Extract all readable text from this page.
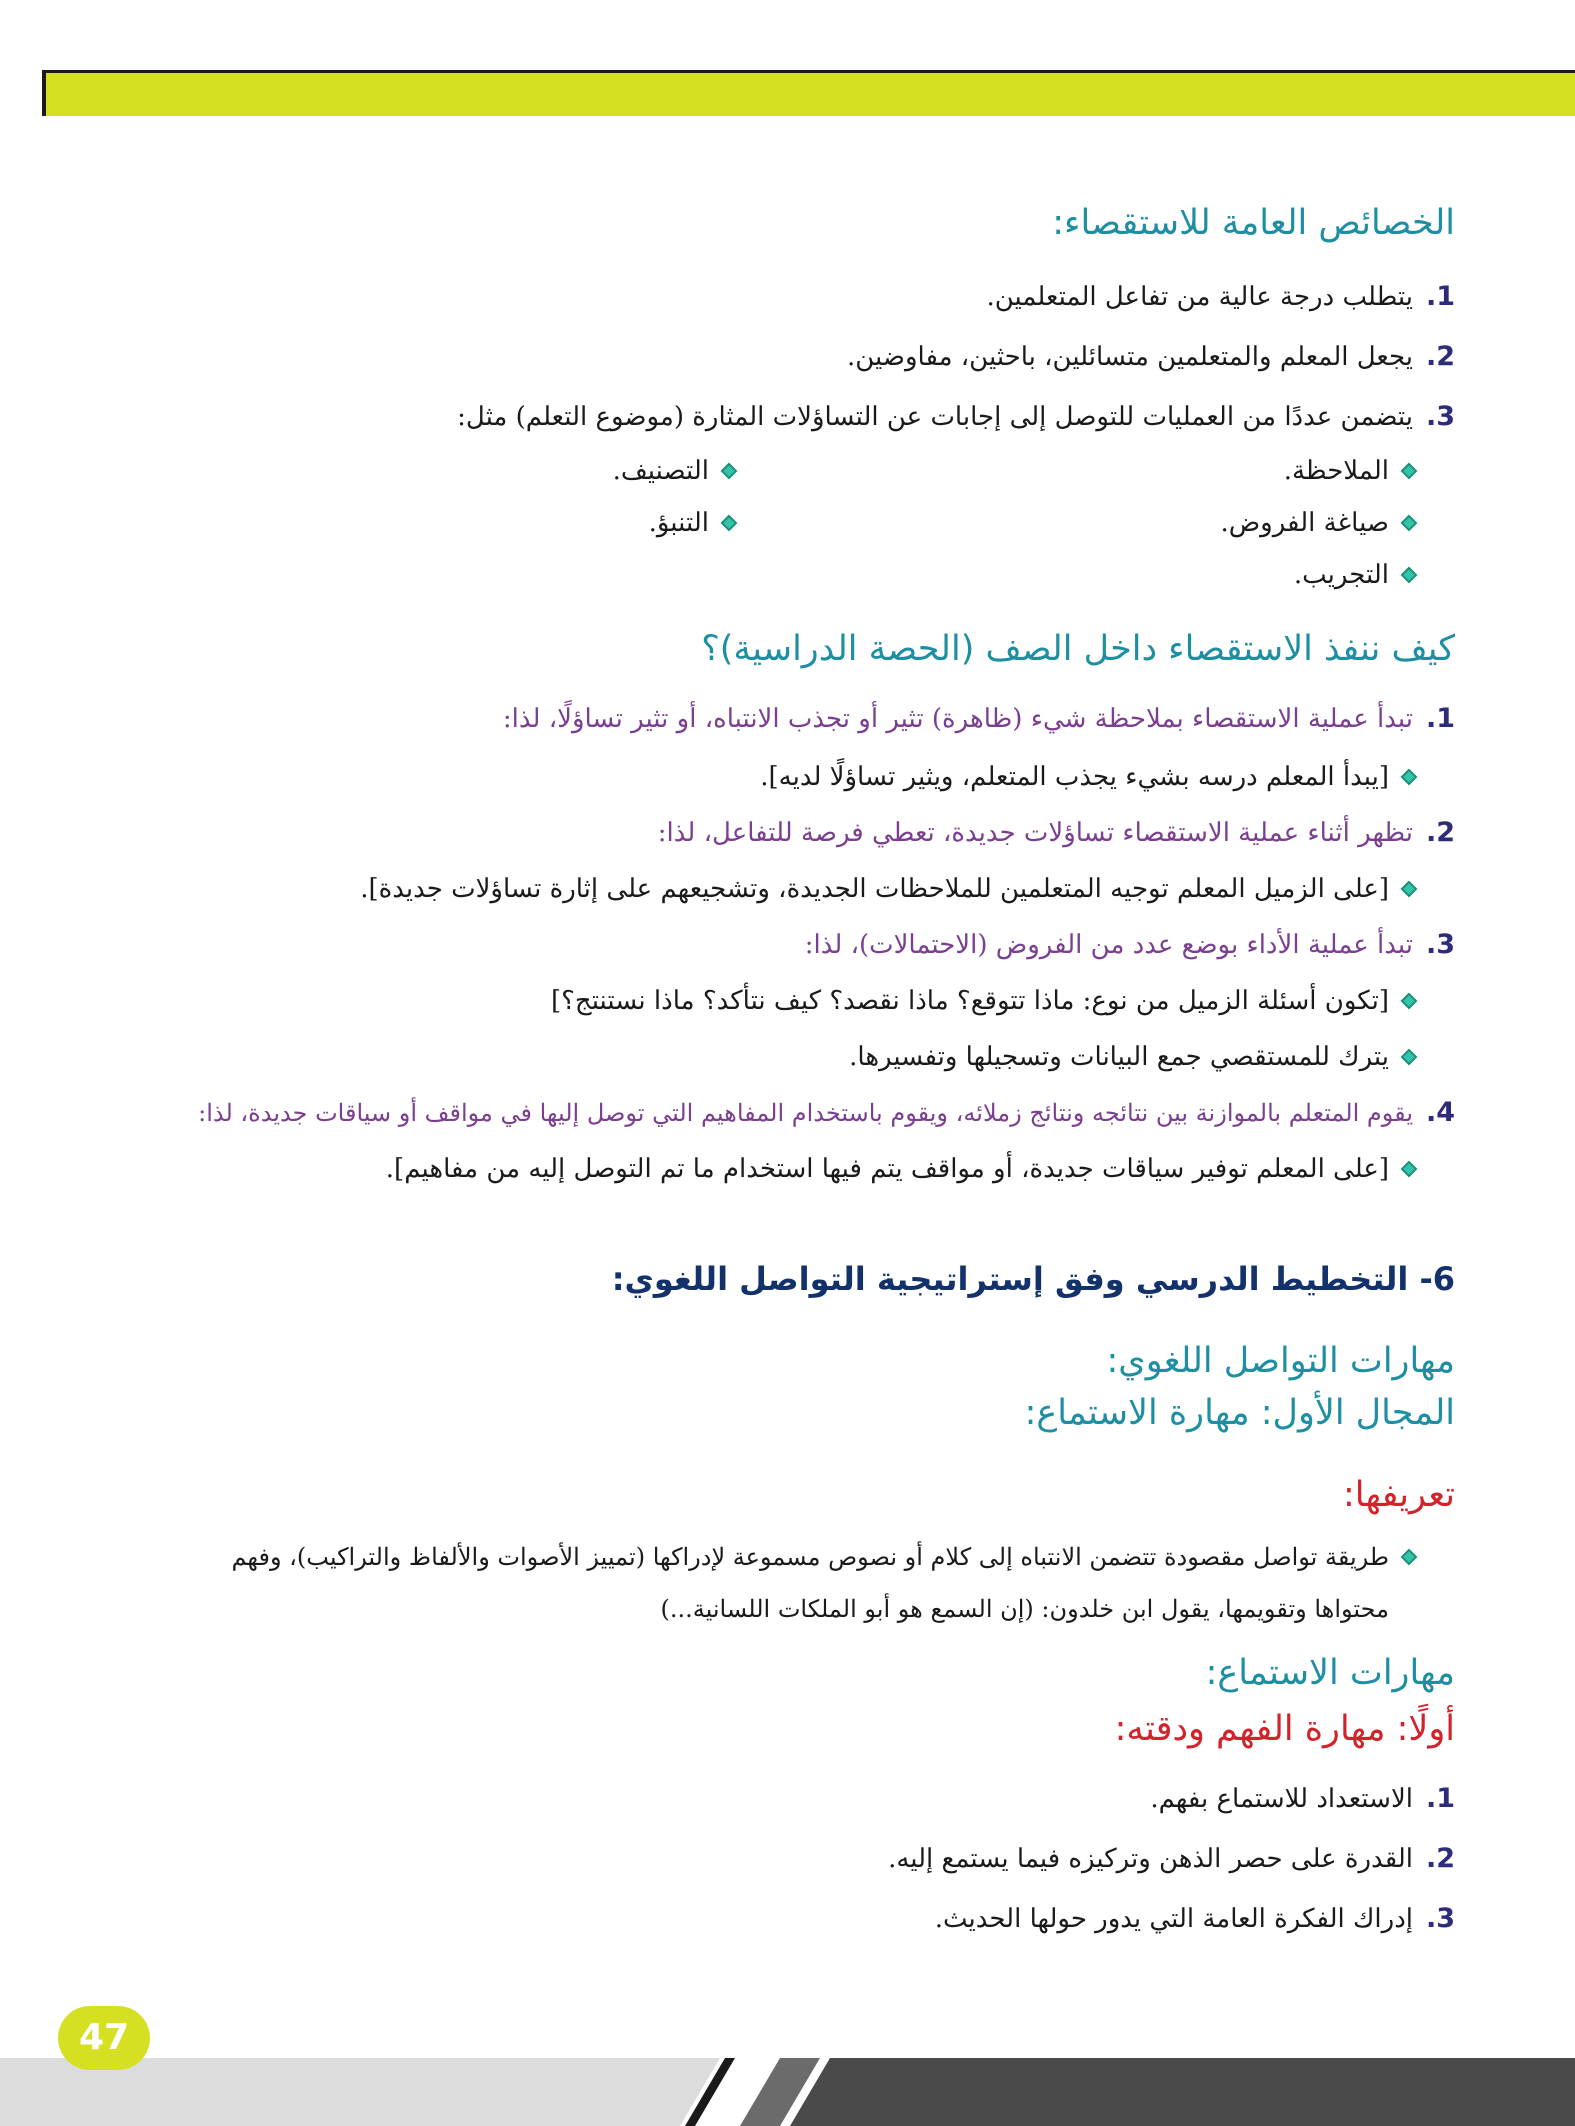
الخصائص العامة للاستقصاء:
1.
يتطلب درجة عالية من تفاعل المتعلمين.
2.
يجعل المعلم والمتعلمين متسائلين، باحثين، مفاوضين.
3.
يتضمن عددًا من العمليات للتوصل إلى إجابات عن التساؤلات المثارة (موضوع التعلم) مثل:
الملاحظة.
التصنيف.
صياغة الفروض.
التنبؤ.
التجريب.
كيف ننفذ الاستقصاء داخل الصف (الحصة الدراسية)؟
1.
تبدأ عملية الاستقصاء بملاحظة شيء (ظاهرة) تثير أو تجذب الانتباه، أو تثير تساؤلًا، لذا:
[يبدأ المعلم درسه بشيء يجذب المتعلم، ويثير تساؤلًا لديه].
2.
تظهر أثناء عملية الاستقصاء تساؤلات جديدة، تعطي فرصة للتفاعل، لذا:
[على الزميل المعلم توجيه المتعلمين للملاحظات الجديدة، وتشجيعهم على إثارة تساؤلات جديدة].
3.
تبدأ عملية الأداء بوضع عدد من الفروض (الاحتمالات)، لذا:
[تكون أسئلة الزميل من نوع: ماذا تتوقع؟ ماذا نقصد؟ كيف نتأكد؟ ماذا نستنتج؟]
يترك للمستقصي جمع البيانات وتسجيلها وتفسيرها.
4.
يقوم المتعلم بالموازنة بين نتائجه ونتائج زملائه، ويقوم باستخدام المفاهيم التي توصل إليها في مواقف أو سياقات جديدة، لذا:
[على المعلم توفير سياقات جديدة، أو مواقف يتم فيها استخدام ما تم التوصل إليه من مفاهيم].
6- التخطيط الدرسي وفق إستراتيجية التواصل اللغوي:
مهارات التواصل اللغوي:
المجال الأول: مهارة الاستماع:
تعريفها:
طريقة تواصل مقصودة تتضمن الانتباه إلى كلام أو نصوص مسموعة لإدراكها (تمييز الأصوات والألفاظ والتراكيب)، وفهم
محتواها وتقويمها، يقول ابن خلدون: (إن السمع هو أبو الملكات اللسانية...)
مهارات الاستماع:
أولًا: مهارة الفهم ودقته:
1.
الاستعداد للاستماع بفهم.
2.
القدرة على حصر الذهن وتركيزه فيما يستمع إليه.
3.
إدراك الفكرة العامة التي يدور حولها الحديث.
47
